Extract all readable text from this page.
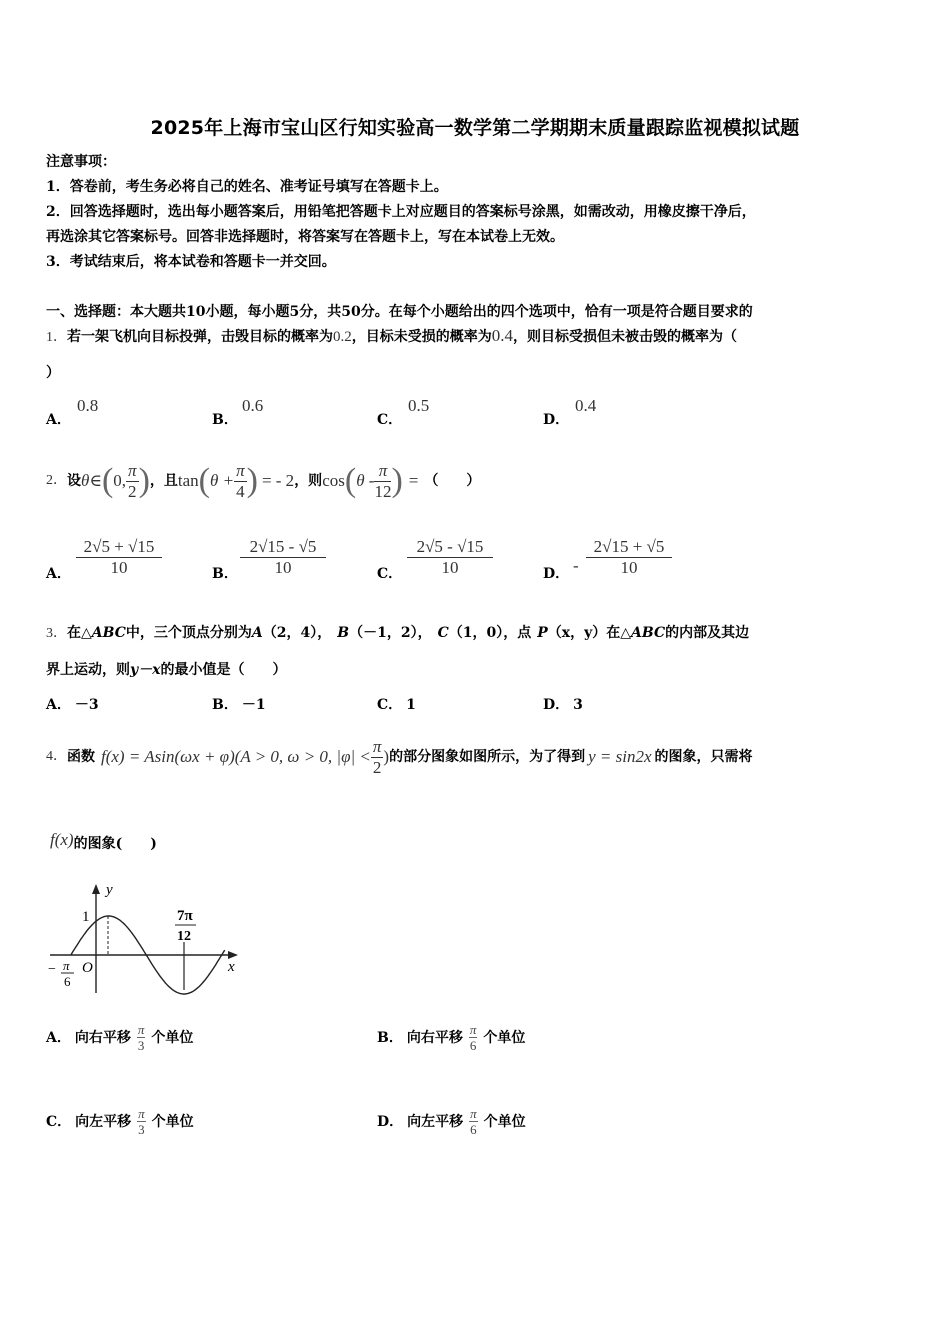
2025年上海市宝山区行知实验高一数学第二学期期末质量跟踪监视模拟试题
注意事项：
1．答卷前，考生务必将自己的姓名、准考证号填写在答题卡上。
2．回答选择题时，选出每小题答案后，用铅笔把答题卡上对应题目的答案标号涂黑，如需改动，用橡皮擦干净后，
再选涂其它答案标号。回答非选择题时，将答案写在答题卡上，写在本试卷上无效。
3．考试结束后，将本试卷和答题卡一并交回。
一、选择题：本大题共10小题，每小题5分，共50分。在每个小题给出的四个选项中，恰有一项是符合题目要求的
1．若一架飞机向目标投弹，击毁目标的概率为0.2，目标未受损的概率为0.4，则目标受损但未被击毁的概率为（
）
A．
0.8
B．
0.6
C．
0.5
D．
0.4
2． 设 θ ∈ ( 0, $\frac{\pi}{2}$ ) ，且 tan ( $\theta + \frac{\pi}{4}$ ) = - 2 ，则 cos ( θ - $\frac{\pi}{12}$ ) = （　　）
A． $\frac{2√5 + √15}{10}$	B． $\frac{2√15 - √5}{10}$	C． $\frac{2√5 - √15}{10}$	D． - $\frac{2√15 + √5}{10}$
3．在△ABC中，三个顶点分别为A（2，4）， B（－1，2）， C（1，0），点 P（x，y）在△ABC的内部及其边
界上运动，则y－x的最小值是（　　）
A． －3	B． －1	C． 1	D． 3
4． 函数 f(x) = Asin(ωx + φ)(A > 0, ω > 0, $|\varphi| < \frac{\pi}{2}$ ) 的部分图象如图所示，为了得到 y = sin2x 的图象，只需将
f(x) 的图象(　　)
y
x
O
1	7π
12
− π
6
A． 向右平移 π
3 个单位	B． 向右平移 π
6 个单位
C． 向左平移 π
3 个单位	D． 向左平移 π
6 个单位
